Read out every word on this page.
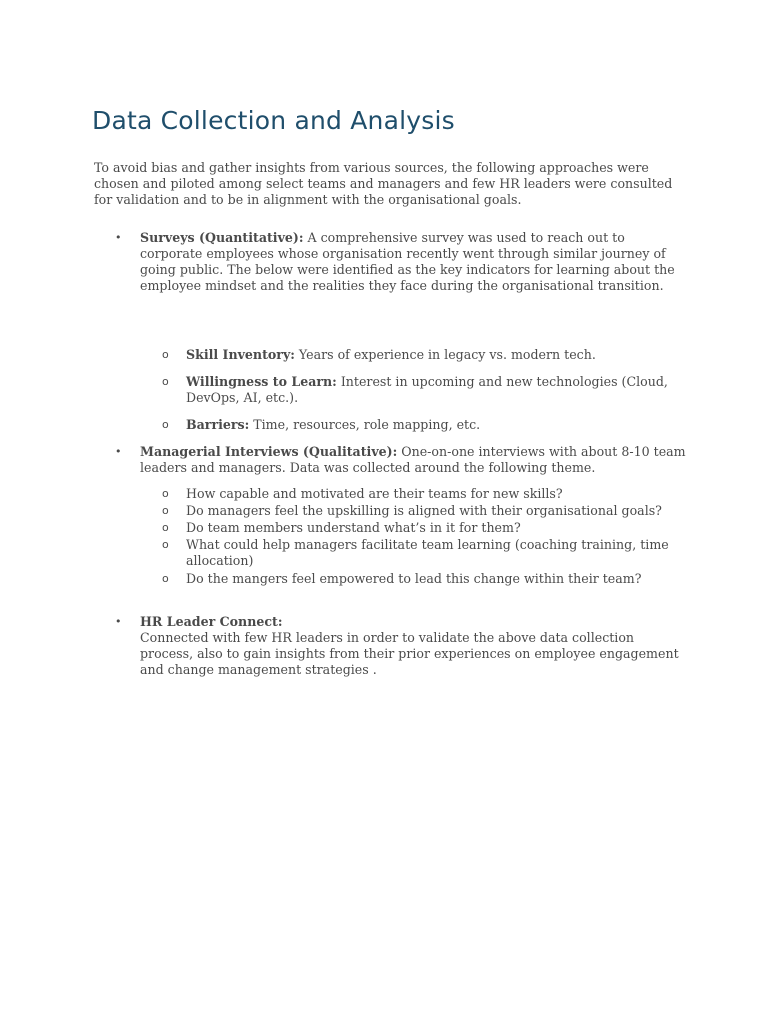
Data Collection and Analysis

To avoid bias and gather insights from various sources, the following approaches were chosen and piloted among select teams and managers and few HR leaders were consulted for validation and to be in alignment with the organisational goals.

• Surveys (Quantitative): A comprehensive survey was used to reach out to corporate employees whose organisation recently went through similar journey of going public. The below were identified as the key indicators for learning about the employee mindset and the realities they face during the organisational transition.
o Skill Inventory: Years of experience in legacy vs. modern tech.
o Willingness to Learn: Interest in upcoming and new technologies (Cloud, DevOps, AI, etc.).
o Barriers: Time, resources, role mapping, etc.
• Managerial Interviews (Qualitative): One-on-one interviews with about 8-10 team leaders and managers. Data was collected around the following theme.
o How capable and motivated are their teams for new skills?
o Do managers feel the upskilling is aligned with their organisational goals?
o Do team members understand what’s in it for them?
o What could help managers facilitate team learning (coaching training, time allocation)
o Do the mangers feel empowered to lead this change within their team?
• HR Leader Connect:
Connected with few HR leaders in order to validate the above data collection process, also to gain insights from their prior experiences on employee engagement and change management strategies .
